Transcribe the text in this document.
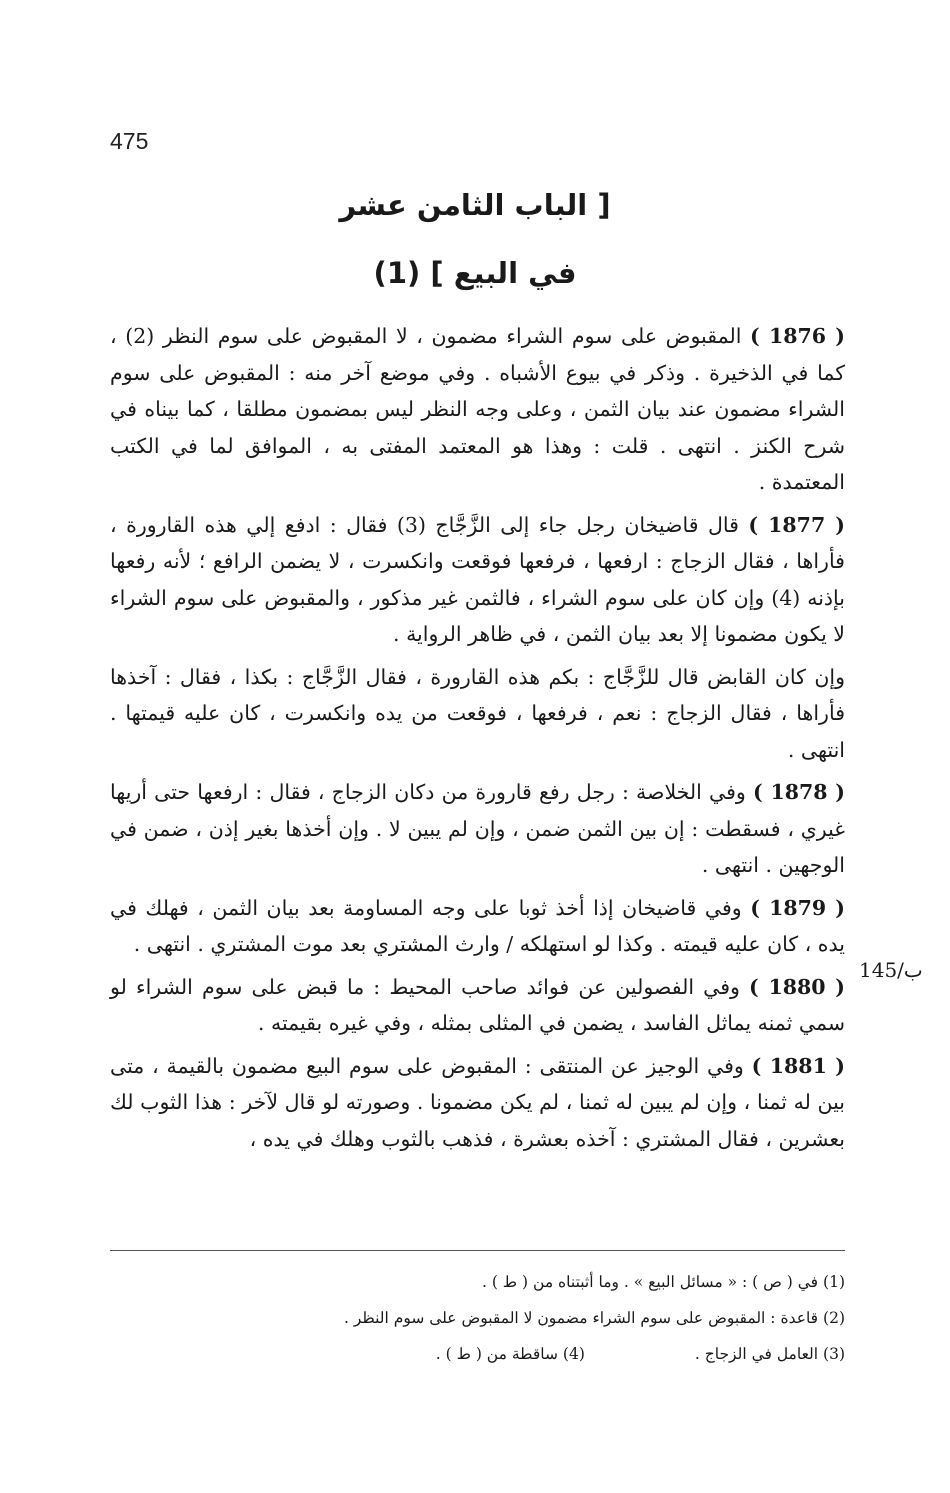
475
[ الباب الثامن عشر
في البيع ] (1)

( 1876 ) المقبوض على سوم الشراء مضمون ، لا المقبوض على سوم النظر (2) ، كما في الذخيرة . وذكر في بيوع الأشباه . وفي موضع آخر منه : المقبوض على سوم الشراء مضمون عند بيان الثمن ، وعلى وجه النظر ليس بمضمون مطلقا ، كما بيناه في شرح الكنز . انتهى . قلت : وهذا هو المعتمد المفتى به ، الموافق لما في الكتب المعتمدة .

( 1877 ) قال قاضيخان رجل جاء إلى الزَّجَّاج (3) فقال : ادفع إلي هذه القارورة ، فأراها ، فقال الزجاج : ارفعها ، فرفعها فوقعت وانكسرت ، لا يضمن الرافع ؛ لأنه رفعها بإذنه (4) وإن كان على سوم الشراء ، فالثمن غير مذكور ، والمقبوض على سوم الشراء لا يكون مضمونا إلا بعد بيان الثمن ، في ظاهر الرواية .

وإن كان القابض قال للزَّجَّاج : بكم هذه القارورة ، فقال الزَّجَّاج : بكذا ، فقال : آخذها فأراها ، فقال الزجاج : نعم ، فرفعها ، فوقعت من يده وانكسرت ، كان عليه قيمتها . انتهى .

( 1878 ) وفي الخلاصة : رجل رفع قارورة من دكان الزجاج ، فقال : ارفعها حتى أريها غيري ، فسقطت : إن بين الثمن ضمن ، وإن لم يبين لا . وإن أخذها بغير إذن ، ضمن في الوجهين . انتهى .

( 1879 ) وفي قاضيخان إذا أخذ ثوبا على وجه المساومة بعد بيان الثمن ، فهلك في يده ، كان عليه قيمته . وكذا لو استهلكه / وارث المشتري بعد موت المشتري . انتهى .

( 1880 ) وفي الفصولين عن فوائد صاحب المحيط : ما قبض على سوم الشراء لو سمي ثمنه يماثل الفاسد ، يضمن في المثلى بمثله ، وفي غيره بقيمته .

( 1881 ) وفي الوجيز عن المنتقى : المقبوض على سوم البيع مضمون بالقيمة ، متى بين له ثمنا ، وإن لم يبين له ثمنا ، لم يكن مضمونا . وصورته لو قال لآخر : هذا الثوب لك بعشرين ، فقال المشتري : آخذه بعشرة ، فذهب بالثوب وهلك في يده ،

145/ب
(1) في ( ص ) : « مسائل البيع » . وما أثبتناه من ( ط ) .
(2) قاعدة : المقبوض على سوم الشراء مضمون لا المقبوض على سوم النظر .
(3) العامل في الزجاج .
(4) ساقطة من ( ط ) .
